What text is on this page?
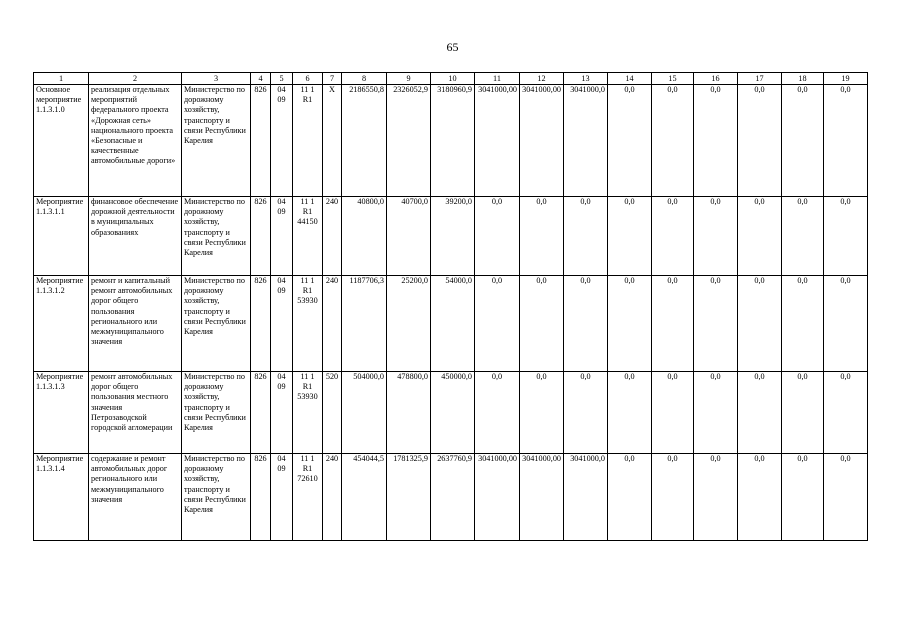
65
1	2	3	4	5	6	7	8	9	10	11	12	13	14	15	16	17	18	19
Основное мероприятие 1.1.3.1.0	реализация отдельных мероприятий федерального проекта «Дорожная сеть» национального проекта «Безопасные и качественные автомобильные дороги»	Министерство по дорожному хозяйству, транспорту и связи Республики Карелия	826	04 09	11 1 R1	X	2186550,8	2326052,9	3180960,9	3041000,00	3041000,00	3041000,0	0,0	0,0	0,0	0,0	0,0	0,0
Мероприятие 1.1.3.1.1	финансовое обеспечение дорожной деятельности в муниципальных образованиях	Министерство по дорожному хозяйству, транспорту и связи Республики Карелия	826	04 09	11 1 R1 44150	240	40800,0	40700,0	39200,0	0,0	0,0	0,0	0,0	0,0	0,0	0,0	0,0	0,0
Мероприятие 1.1.3.1.2	ремонт и капитальный ремонт автомобильных дорог общего пользования регионального или межмуниципального значения	Министерство по дорожному хозяйству, транспорту и связи Республики Карелия	826	04 09	11 1 R1 53930	240	1187706,3	25200,0	54000,0	0,0	0,0	0,0	0,0	0,0	0,0	0,0	0,0	0,0
Мероприятие 1.1.3.1.3	ремонт автомобильных дорог общего пользования местного значения Петрозаводской городской агломерации	Министерство по дорожному хозяйству, транспорту и связи Республики Карелия	826	04 09	11 1 R1 53930	520	504000,0	478800,0	450000,0	0,0	0,0	0,0	0,0	0,0	0,0	0,0	0,0	0,0
Мероприятие 1.1.3.1.4	содержание и ремонт автомобильных дорог регионального или межмуниципального значения	Министерство по дорожному хозяйству, транспорту и связи Республики Карелия	826	04 09	11 1 R1 72610	240	454044,5	1781325,9	2637760,9	3041000,00	3041000,00	3041000,0	0,0	0,0	0,0	0,0	0,0	0,0
